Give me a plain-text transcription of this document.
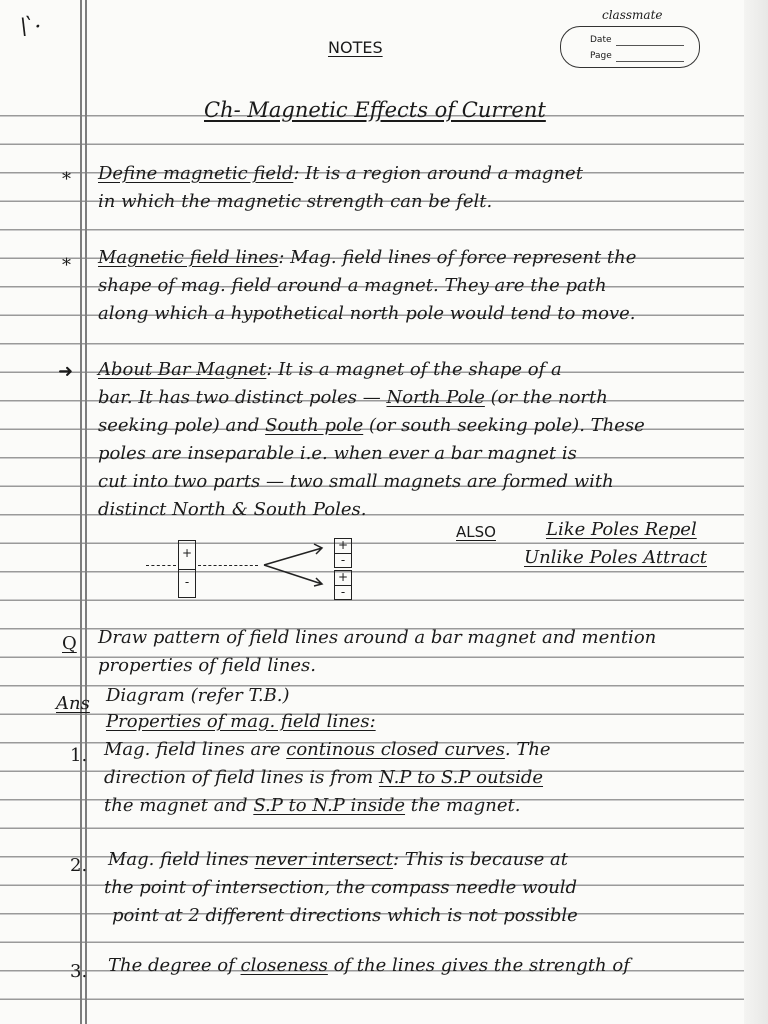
\ ̀·
NOTES
classmate
Date
Page
Ch- Magnetic Effects of Current
* Define magnetic field: It is a region around a magnet
in which the magnetic strength can be felt.
* Magnetic field lines: Mag. field lines of force represent the
shape of mag. field around a magnet. They are the path
along which a hypothetical north pole would tend to move.
➜ About Bar Magnet: It is a magnet of the shape of a
bar. It has two distinct poles — North Pole (or the north
seeking pole) and South pole (or south seeking pole). These
poles are inseparable i.e. when ever a bar magnet is
cut into two parts — two small magnets are formed with
distinct North & South Poles.
+
-
+
-
+
-
ALSO	Like Poles Repel
Unlike Poles Attract
Q Draw pattern of field lines around a bar magnet and mention
properties of field lines.
Ans Diagram (refer T.B.)
Properties of mag. field lines:
1. Mag. field lines are continous closed curves. The
direction of field lines is from N.P to S.P outside
the magnet and S.P to N.P inside the magnet.
2. Mag. field lines never intersect: This is because at
the point of intersection, the compass needle would
point at 2 different directions which is not possible
3. The degree of closeness of the lines gives the strength of
